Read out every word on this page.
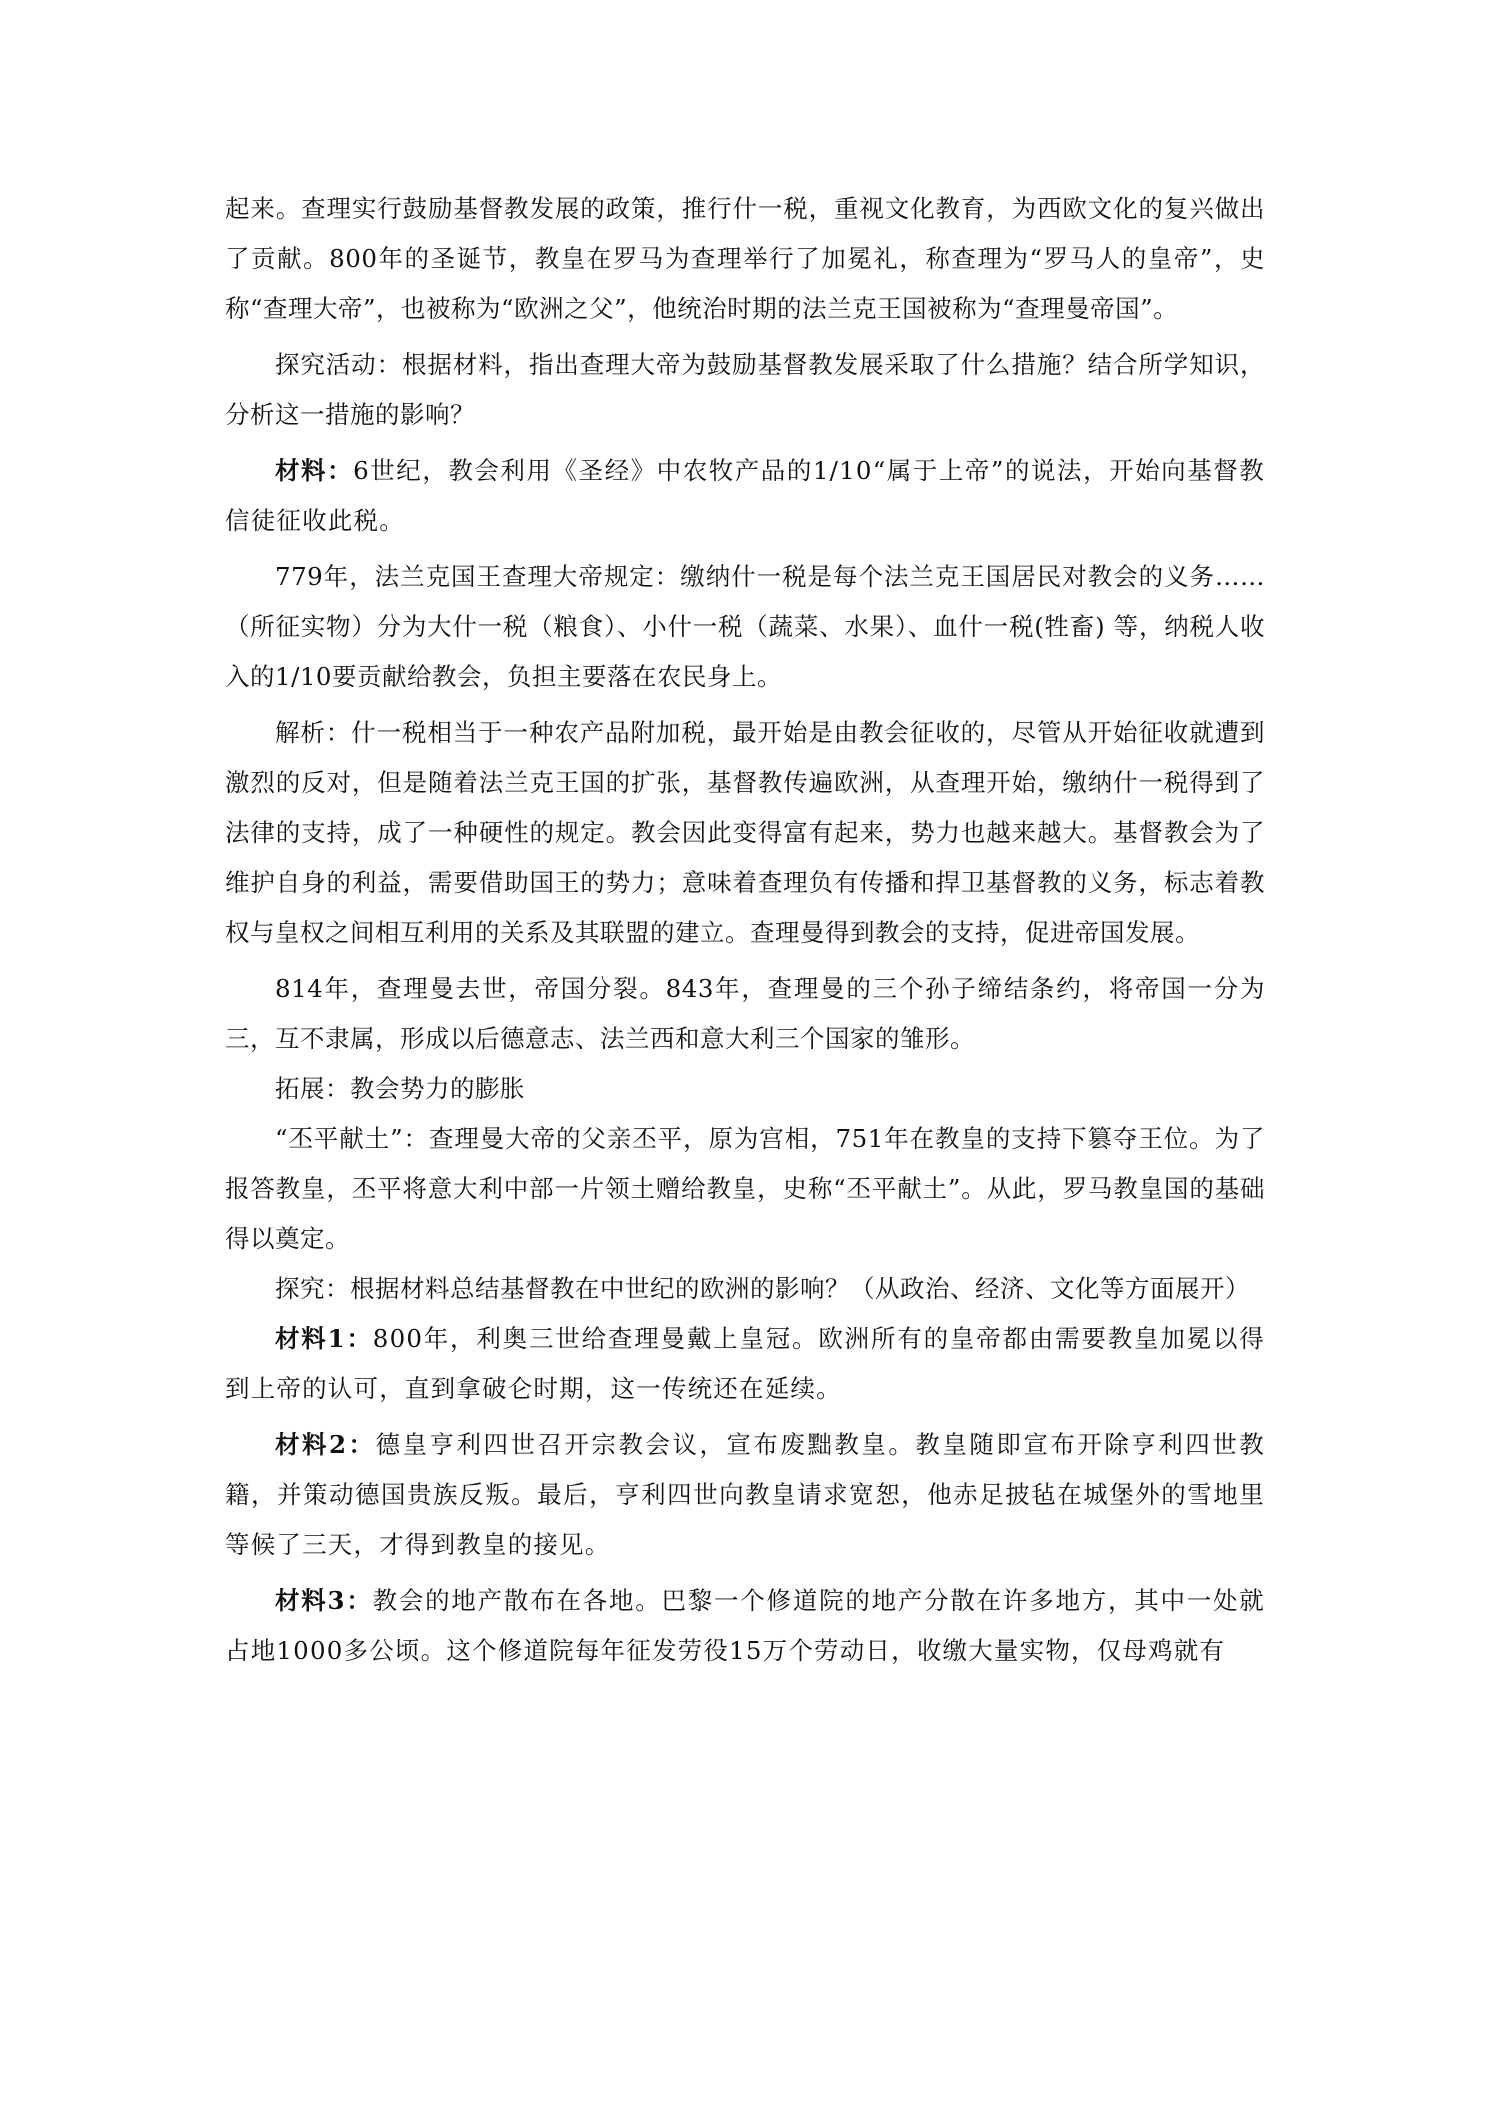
起来。查理实行鼓励基督教发展的政策，推行什一税，重视文化教育，为西欧文化的复兴做出了贡献。800年的圣诞节，教皇在罗马为查理举行了加冕礼，称查理为“罗马人的皇帝”，史称“查理大帝”，也被称为“欧洲之父”，他统治时期的法兰克王国被称为“查理曼帝国”。

探究活动：根据材料，指出查理大帝为鼓励基督教发展采取了什么措施？结合所学知识，分析这一措施的影响？

材料：6世纪，教会利用《圣经》中农牧产品的1/10“属于上帝”的说法，开始向基督教信徒征收此税。

779年，法兰克国王查理大帝规定：缴纳什一税是每个法兰克王国居民对教会的义务……（所征实物）分为大什一税（粮食）、小什一税（蔬菜、水果）、血什一税(牲畜) 等，纳税人收入的1/10要贡献给教会，负担主要落在农民身上。

解析：什一税相当于一种农产品附加税，最开始是由教会征收的，尽管从开始征收就遭到激烈的反对，但是随着法兰克王国的扩张，基督教传遍欧洲，从查理开始，缴纳什一税得到了法律的支持，成了一种硬性的规定。教会因此变得富有起来，势力也越来越大。基督教会为了维护自身的利益，需要借助国王的势力；意味着查理负有传播和捍卫基督教的义务，标志着教权与皇权之间相互利用的关系及其联盟的建立。查理曼得到教会的支持，促进帝国发展。

814年，查理曼去世，帝国分裂。843年，查理曼的三个孙子缔结条约，将帝国一分为三，互不隶属，形成以后德意志、法兰西和意大利三个国家的雏形。

拓展：教会势力的膨胀

“丕平献土”：查理曼大帝的父亲丕平，原为宫相，751年在教皇的支持下篡夺王位。为了报答教皇，丕平将意大利中部一片领土赠给教皇，史称“丕平献土”。从此，罗马教皇国的基础得以奠定。

探究：根据材料总结基督教在中世纪的欧洲的影响？（从政治、经济、文化等方面展开）

材料1：800年，利奥三世给查理曼戴上皇冠。欧洲所有的皇帝都由需要教皇加冕以得到上帝的认可，直到拿破仑时期，这一传统还在延续。

材料2：德皇亨利四世召开宗教会议，宣布废黜教皇。教皇随即宣布开除亨利四世教籍，并策动德国贵族反叛。最后，亨利四世向教皇请求宽恕，他赤足披毡在城堡外的雪地里等候了三天，才得到教皇的接见。

材料3：教会的地产散布在各地。巴黎一个修道院的地产分散在许多地方，其中一处就占地1000多公顷。这个修道院每年征发劳役15万个劳动日，收缴大量实物，仅母鸡就有
